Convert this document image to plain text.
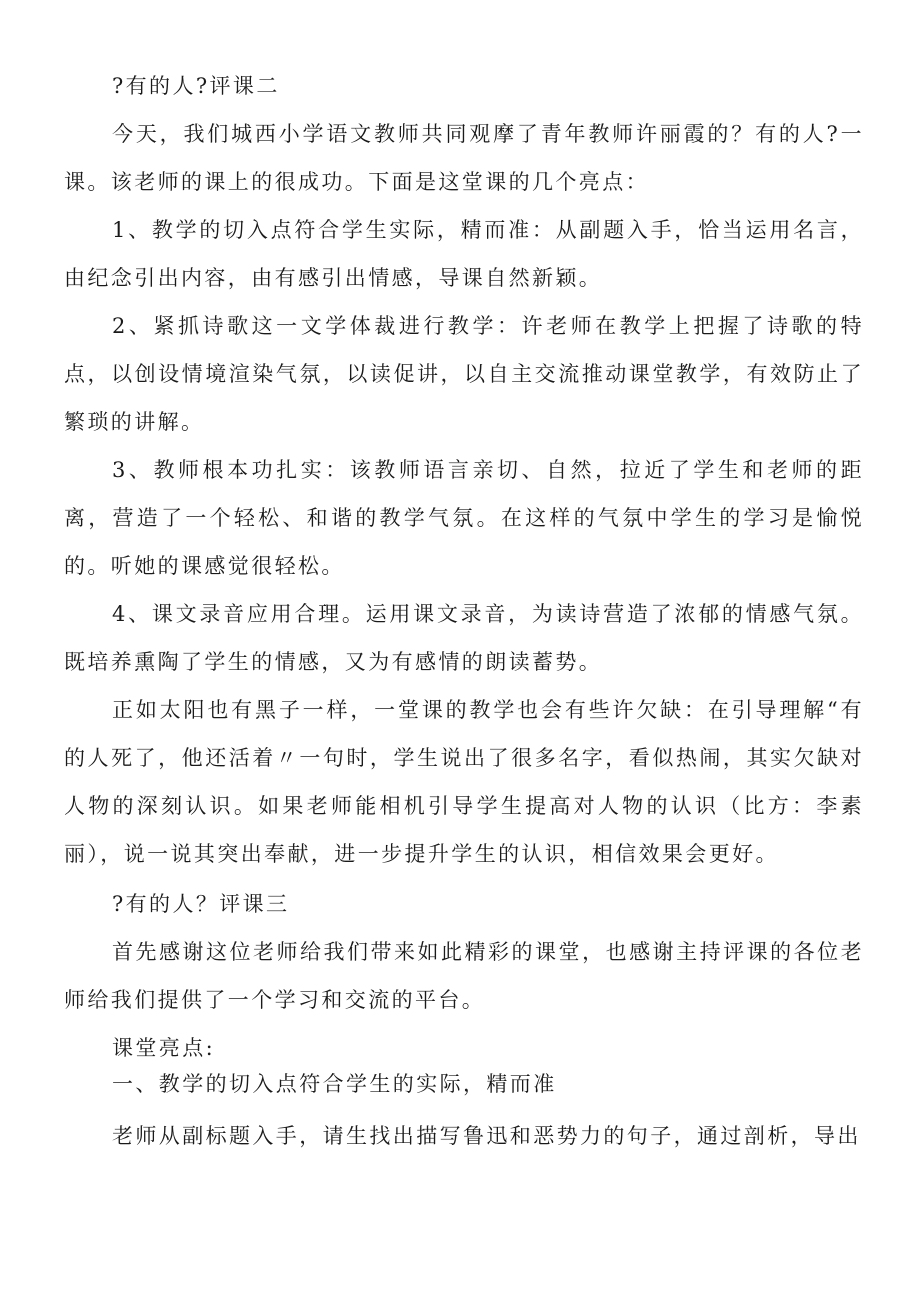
?有的人?评课二

今天，我们城西小学语文教师共同观摩了青年教师许丽霞的？有的人?一课。该老师的课上的很成功。下面是这堂课的几个亮点：

1、教学的切入点符合学生实际，精而准：从副题入手，恰当运用名言，由纪念引出内容，由有感引出情感，导课自然新颖。

2、紧抓诗歌这一文学体裁进行教学：许老师在教学上把握了诗歌的特点，以创设情境渲染气氛，以读促讲，以自主交流推动课堂教学，有效防止了繁琐的讲解。

3、教师根本功扎实：该教师语言亲切、自然，拉近了学生和老师的距离，营造了一个轻松、和谐的教学气氛。在这样的气氛中学生的学习是愉悦的。听她的课感觉很轻松。

4、课文录音应用合理。运用课文录音，为读诗营造了浓郁的情感气氛。既培养熏陶了学生的情感，又为有感情的朗读蓄势。

正如太阳也有黑子一样，一堂课的教学也会有些许欠缺：在引导理解“有的人死了，他还活着〃一句时，学生说出了很多名字，看似热闹，其实欠缺对人物的深刻认识。如果老师能相机引导学生提高对人物的认识（比方：李素丽），说一说其突出奉献，进一步提升学生的认识，相信效果会更好。

?有的人？评课三

首先感谢这位老师给我们带来如此精彩的课堂，也感谢主持评课的各位老师给我们提供了一个学习和交流的平台。

课堂亮点:

一、教学的切入点符合学生的实际，精而准

老师从副标题入手，请生找出描写鲁迅和恶势力的句子，通过剖析，导出
